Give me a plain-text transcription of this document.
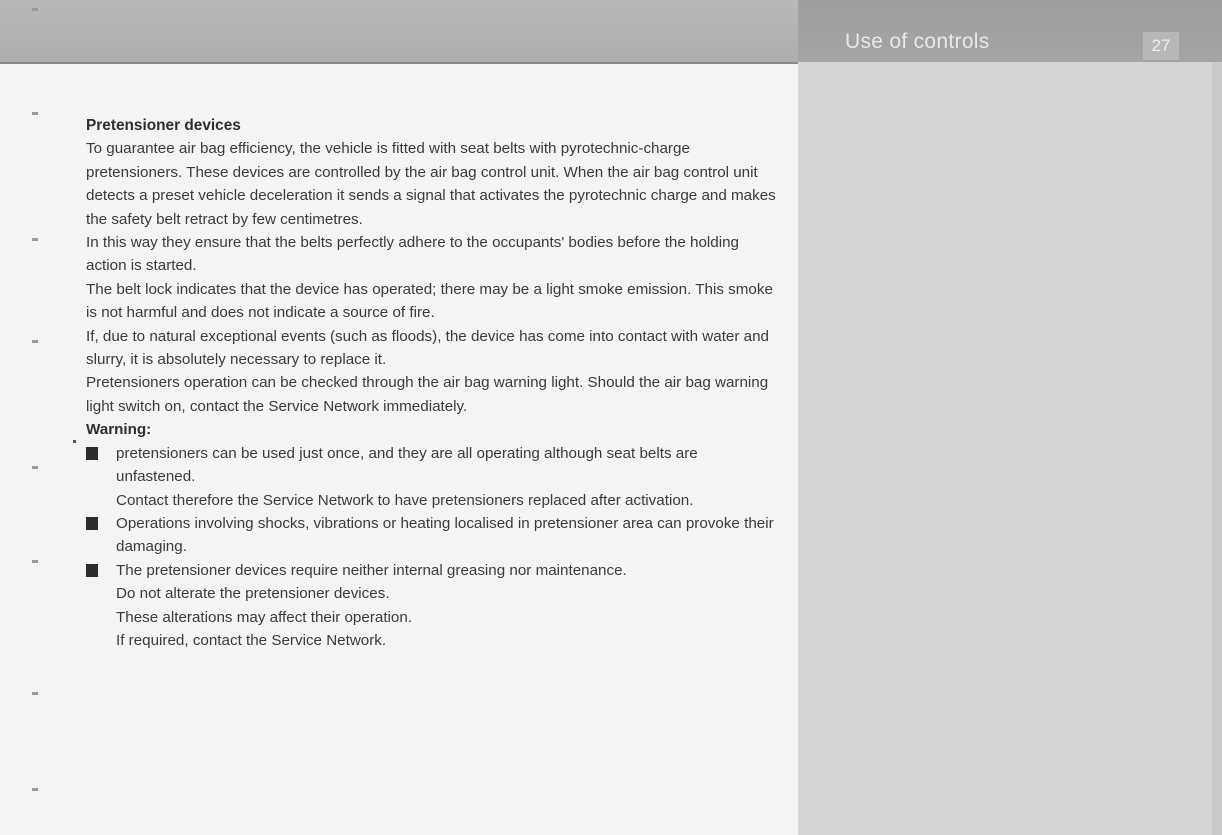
Use of controls	27

Pretensioner devices

To guarantee air bag efficiency, the vehicle is fitted with seat belts with pyrotechnic-charge pretensioners. These devices are controlled by the air bag control unit. When the air bag control unit detects a preset vehicle deceleration it sends a signal that activates the pyrotechnic charge and makes the safety belt retract by few centimetres.

In this way they ensure that the belts perfectly adhere to the occupants' bodies before the holding action is started.

The belt lock indicates that the device has operated; there may be a light smoke emission. This smoke is not harmful and does not indicate a source of fire.

If, due to natural exceptional events (such as floods), the device has come into contact with water and slurry, it is absolutely necessary to replace it.

Pretensioners operation can be checked through the air bag warning light. Should the air bag warning light switch on, contact the Service Network immediately.

Warning:

pretensioners can be used just once, and they are all operating although seat belts are unfastened.
Contact therefore the Service Network to have pretensioners replaced after activation.
Operations involving shocks, vibrations or heating localised in pretensioner area can provoke their damaging.
The pretensioner devices require neither internal greasing nor maintenance.
Do not alterate the pretensioner devices.
These alterations may affect their operation.
If required, contact the Service Network.
